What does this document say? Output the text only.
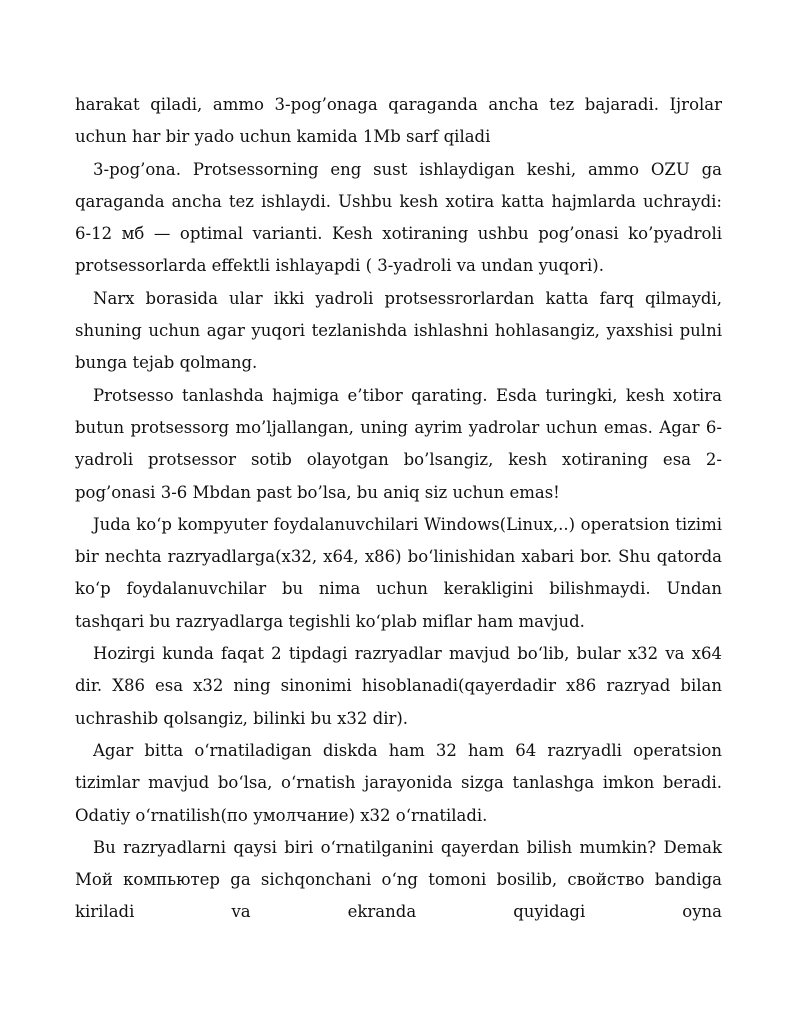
harakat qiladi, ammo 3-pog’onaga qaraganda ancha tez bajaradi. Ijrolar uchun har bir yado uchun kamida 1Mb sarf qiladi

3-pog’ona. Protsessorning eng sust ishlaydigan keshi, ammo OZU ga qaraganda ancha tez ishlaydi. Ushbu kesh xotira katta hajmlarda uchraydi: 6-12 мб — optimal varianti. Kesh xotiraning ushbu pog’onasi ko’pyadroli protsessorlarda effektli ishlayapdi ( 3-yadroli va undan yuqori).

Narx borasida ular ikki yadroli protsessrorlardan katta farq qilmaydi, shuning uchun agar yuqori tezlanishda ishlashni hohlasangiz, yaxshisi pulni bunga tejab qolmang.

Protsesso tanlashda hajmiga e’tibor qarating. Esda turingki, kesh xotira butun protsessorg mo’ljallangan, uning ayrim yadrolar uchun emas. Agar 6-yadroli protsessor sotib olayotgan bo’lsangiz, kesh xotiraning esa 2-pog’onasi 3-6 Mbdan past bo’lsa, bu aniq siz uchun emas!

Juda ko‘p kompyuter foydalanuvchilari Windows(Linux,..) operatsion tizimi bir nechta razryadlarga(x32, x64, x86) bo‘linishidan xabari bor. Shu qatorda ko‘p foydalanuvchilar bu nima uchun kerakligini bilishmaydi. Undan tashqari bu razryadlarga tegishli ko‘plab miflar ham mavjud.

Hozirgi kunda faqat 2 tipdagi razryadlar mavjud bo‘lib, bular x32 va x64 dir. X86 esa x32 ning sinonimi hisoblanadi(qayerdadir x86 razryad bilan uchrashib qolsangiz, bilinki bu x32 dir).

Agar bitta o‘rnatiladigan diskda ham 32 ham 64 razryadli operatsion tizimlar mavjud bo‘lsa, o‘rnatish jarayonida sizga tanlashga imkon beradi. Odatiy o‘rnatilish(по умолчание) x32 o‘rnatiladi.

Bu razryadlarni qaysi biri o‘rnatilganini qayerdan bilish mumkin? Demak Мой компьютер ga sichqonchani o‘ng tomoni bosilib, свойство bandiga kiriladi va ekranda quyidagi oyna
